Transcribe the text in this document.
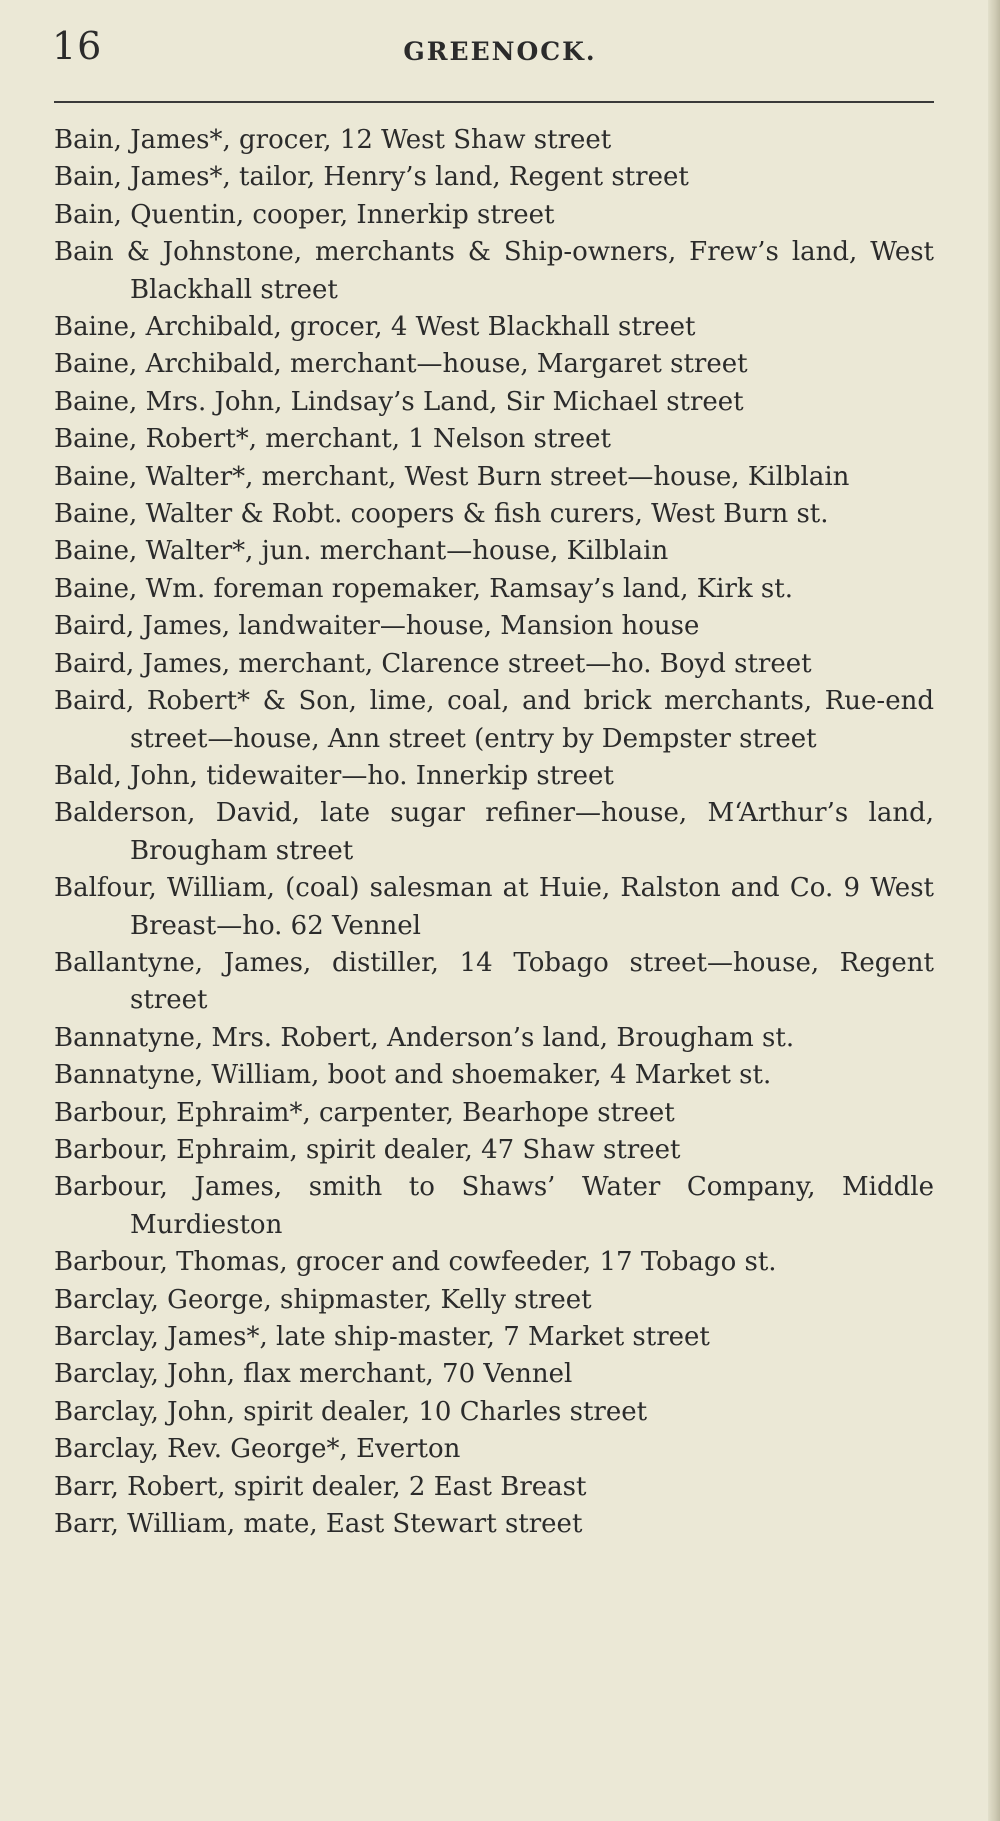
16	GREENOCK.
Bain, James*, grocer, 12 West Shaw street
Bain, James*, tailor, Henry’s land, Regent street
Bain, Quentin, cooper, Innerkip street
Bain & Johnstone, merchants & Ship-owners, Frew’s land, West Blackhall street
Baine, Archibald, grocer, 4 West Blackhall street
Baine, Archibald, merchant—house, Margaret street
Baine, Mrs. John, Lindsay’s Land, Sir Michael street
Baine, Robert*, merchant, 1 Nelson street
Baine, Walter*, merchant, West Burn street—house, Kilblain
Baine, Walter & Robt. coopers & fish curers, West Burn st.
Baine, Walter*, jun. merchant—house, Kilblain
Baine, Wm. foreman ropemaker, Ramsay’s land, Kirk st.
Baird, James, landwaiter—house, Mansion house
Baird, James, merchant, Clarence street—ho. Boyd street
Baird, Robert* & Son, lime, coal, and brick merchants, Rue-end street—house, Ann street (entry by Dempster street
Bald, John, tidewaiter—ho. Innerkip street
Balderson, David, late sugar refiner—house, M‘Arthur’s land, Brougham street
Balfour, William, (coal) salesman at Huie, Ralston and Co. 9 West Breast—ho. 62 Vennel
Ballantyne, James, distiller, 14 Tobago street—house, Regent street
Bannatyne, Mrs. Robert, Anderson’s land, Brougham st.
Bannatyne, William, boot and shoemaker, 4 Market st.
Barbour, Ephraim*, carpenter, Bearhope street
Barbour, Ephraim, spirit dealer, 47 Shaw street
Barbour, James, smith to Shaws’ Water Company, Middle Murdieston
Barbour, Thomas, grocer and cowfeeder, 17 Tobago st.
Barclay, George, shipmaster, Kelly street
Barclay, James*, late ship-master, 7 Market street
Barclay, John, flax merchant, 70 Vennel
Barclay, John, spirit dealer, 10 Charles street
Barclay, Rev. George*, Everton
Barr, Robert, spirit dealer, 2 East Breast
Barr, William, mate, East Stewart street
